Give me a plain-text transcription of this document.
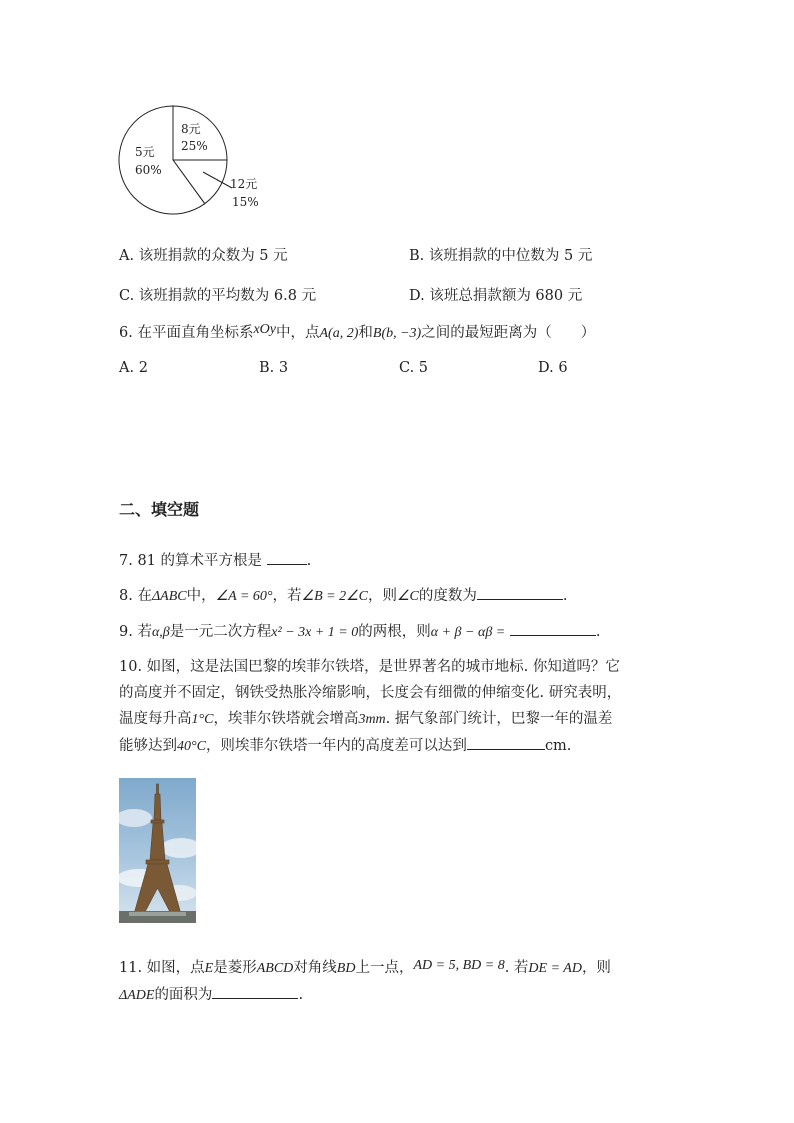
8元
25%
12元
15%
5元
60%
A. 该班捐款的众数为 5 元	B. 该班捐款的中位数为 5 元
C. 该班捐款的平均数为 6.8 元	D. 该班总捐款额为 680 元
6. 在平面直角坐标系xOy中，点A(a, 2)和B(b, −3)之间的最短距离为（　　）
A. 2	B. 3	C. 5	D. 6
二、填空题
7. 81 的算术平方根是	.
8. 在ΔABC中，∠A = 60°，若∠B = 2∠C，则∠C的度数为	.
9. 若α,β是一元二次方程x² − 3x + 1 = 0的两根，则α + β − αβ =	.
10. 如图，这是法国巴黎的埃菲尔铁塔，是世界著名的城市地标. 你知道吗？它
的高度并不固定，钢铁受热胀冷缩影响，长度会有细微的伸缩变化. 研究表明，
温度每升高1°C，埃菲尔铁塔就会增高3mm. 据气象部门统计，巴黎一年的温差
能够达到40°C，则埃菲尔铁塔一年内的高度差可以达到	cm.
11. 如图，点E是菱形ABCD对角线BD上一点，AD = 5, BD = 8. 若DE = AD，则
ΔADE的面积为	.
